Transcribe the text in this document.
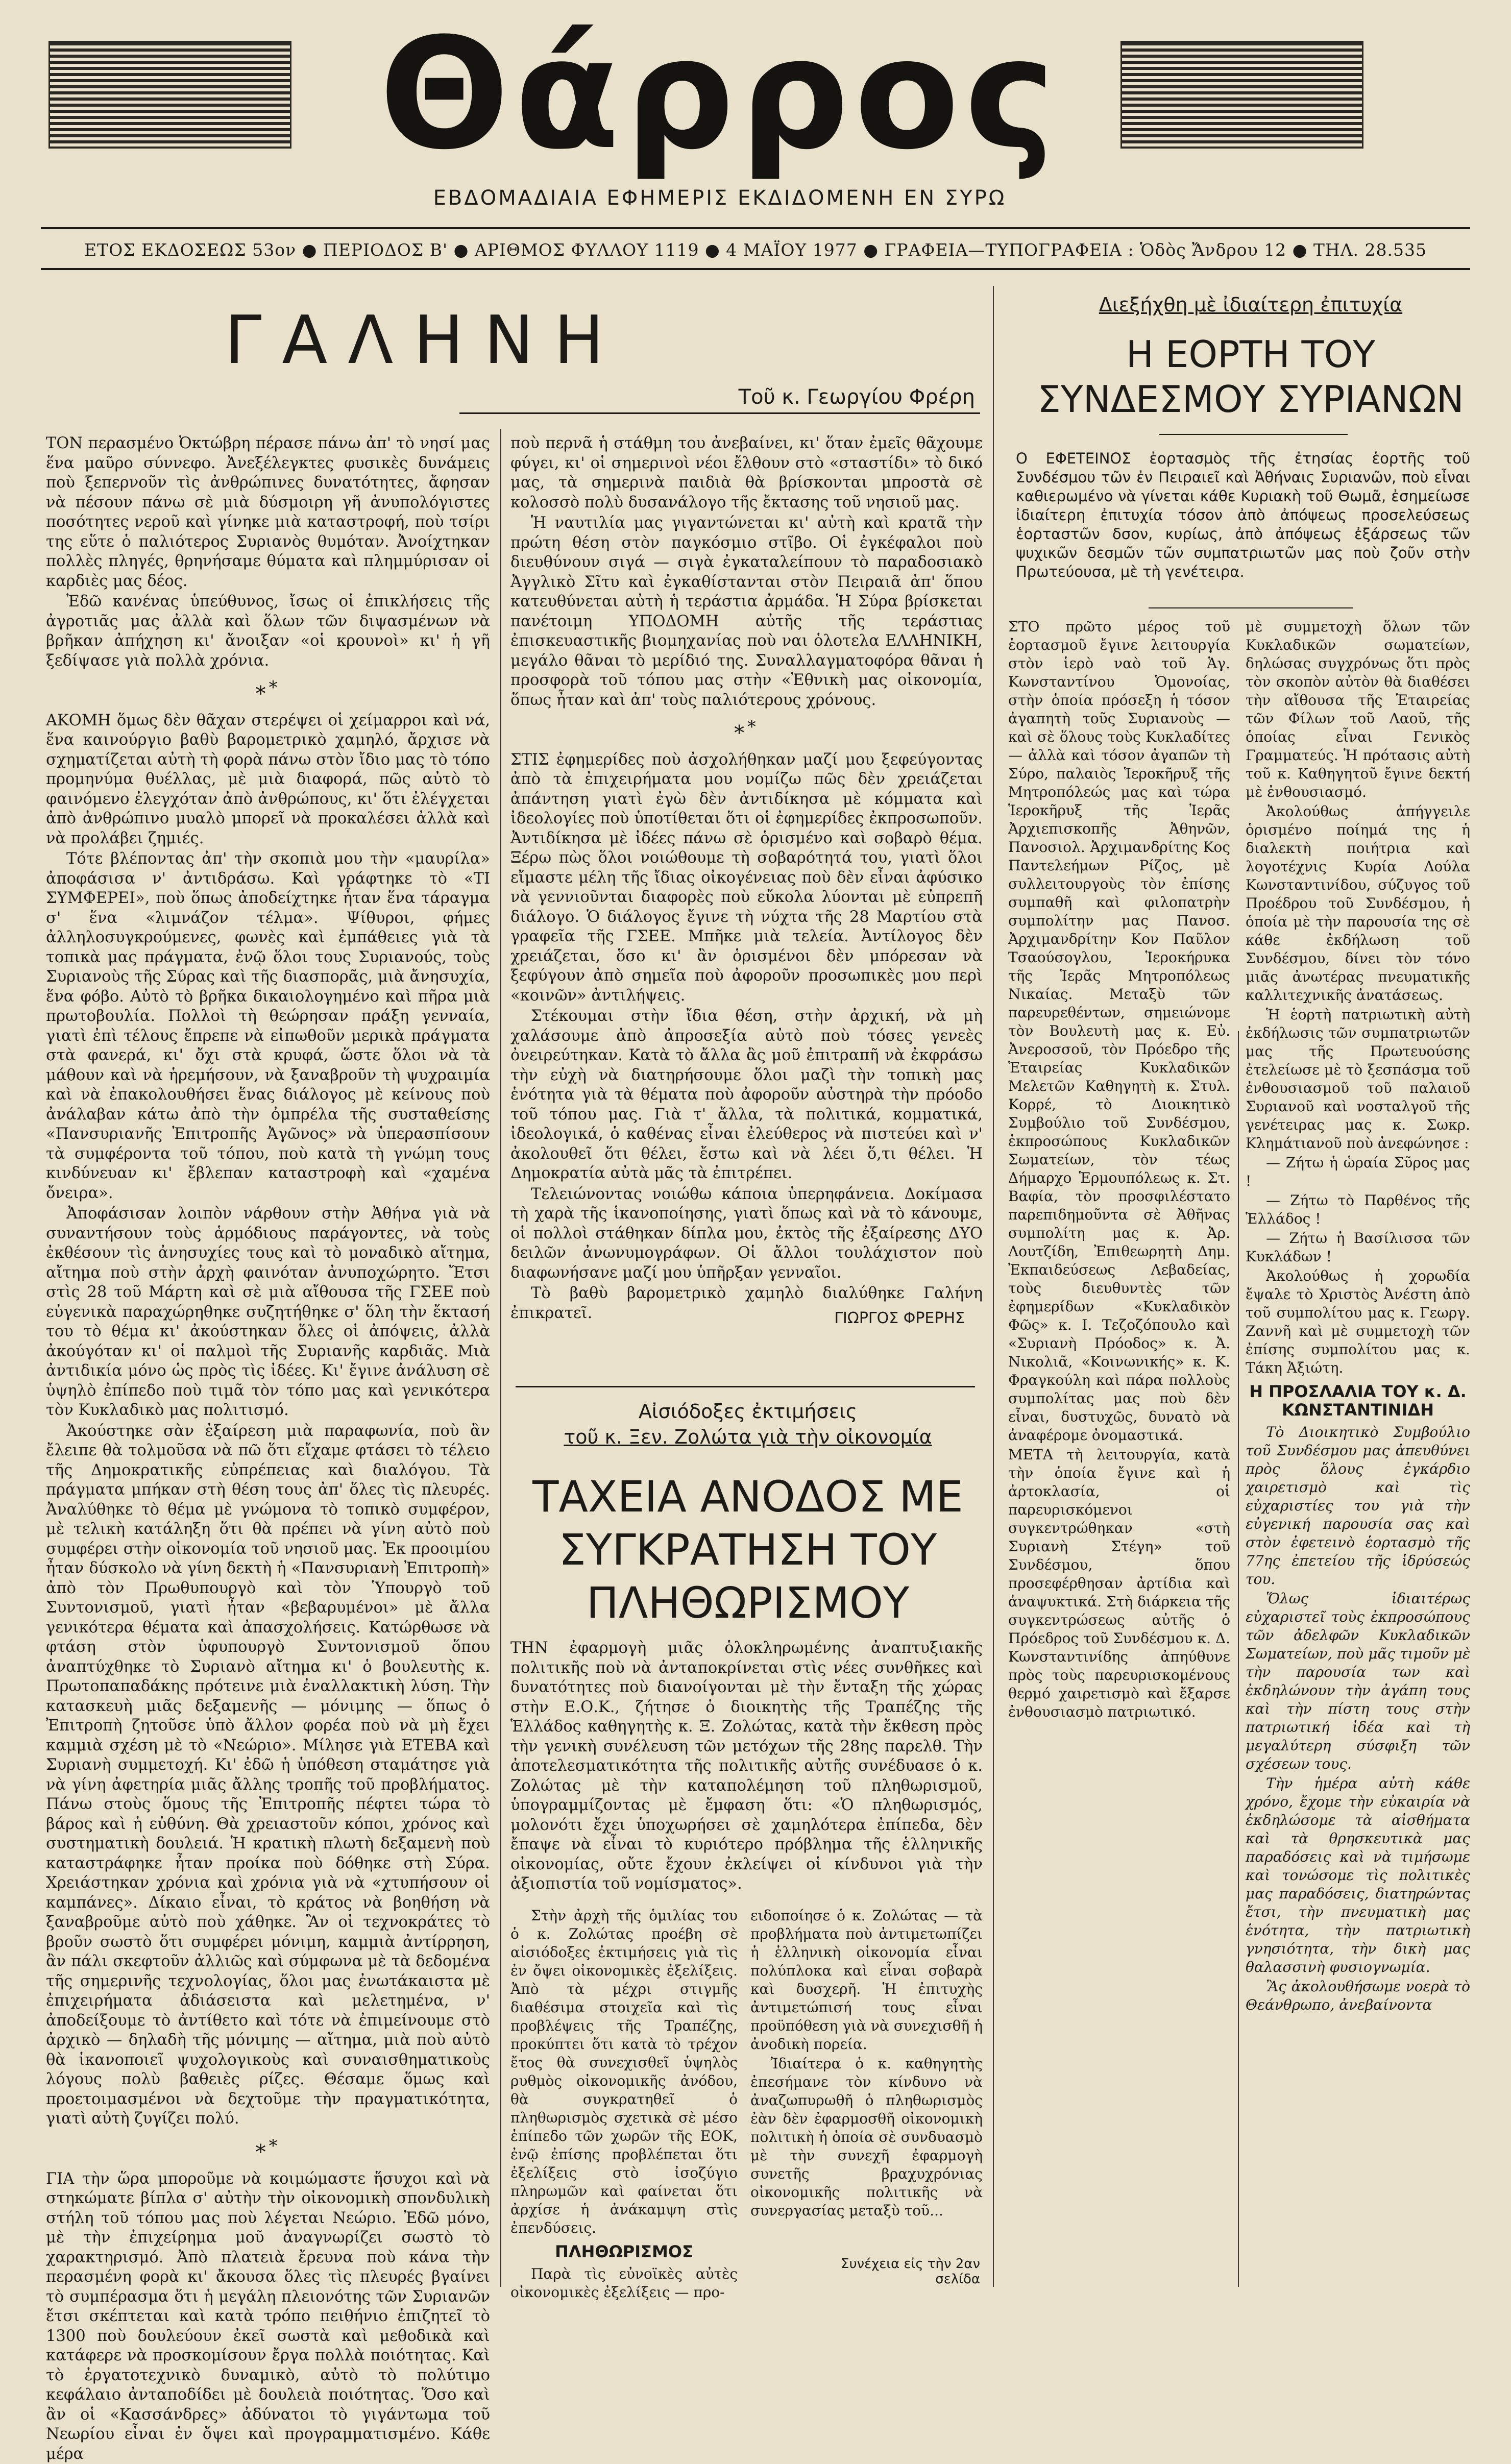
Θάρρος
ΕΒΔΟΜΑΔΙΑΙΑ ΕΦΗΜΕΡΙΣ ΕΚΔΙΔΟΜΕΝΗ ΕΝ ΣΥΡΩ
ΕΤΟΣ ΕΚΔΟΣΕΩΣ 53ον ● ΠΕΡΙΟΔΟΣ Β' ● ΑΡΙΘΜΟΣ ΦΥΛΛΟΥ 1119 ● 4 ΜΑΪΟΥ 1977 ● ΓΡΑΦΕΙΑ—ΤΥΠΟΓΡΑΦΕΙΑ : Ὁδὸς Ἄνδρου 12 ● ΤΗΛ. 28.535
ΓΑΛΗΝΗ
Τοῦ κ. Γεωργίου Φρέρη

ΤΟΝ περασμένο Ὀκτώβρη πέρασε πάνω ἀπ' τὸ νησί μας ἕνα μαῦρο σύννεφο. Ἀνεξέλεγκτες φυσικὲς δυνάμεις ποὺ ξεπερνοῦν τὶς ἀνθρώπινες δυνατότητες, ἄφησαν νὰ πέσουν πάνω σὲ μιὰ δύσμοιρη γῆ ἀνυπολόγιστες ποσότητες νεροῦ καὶ γίνηκε μιὰ καταστροφή, ποὺ τσίρι της εὕτε ὁ παλιότερος Συριανὸς θυμόταν. Ἀνοίχτηκαν πολλὲς πληγές, θρηνήσαμε θύματα καὶ πλημμύρισαν οἱ καρδιὲς μας δέος.

Ἐδῶ κανένας ὑπεύθυνος, ἴσως οἱ ἐπικλήσεις τῆς ἀγροτιᾶς μας ἀλλὰ καὶ ὅλων τῶν διψασμένων νὰ βρῆκαν ἀπήχηση κι' ἄνοιξαν «οἱ κρουνοὶ» κι' ἡ γῆ ξεδίψασε γιὰ πολλὰ χρόνια.

**

ΑΚΟΜΗ ὅμως δὲν θᾶχαν στερέψει οἱ χείμαρροι καὶ νά, ἕνα καινούργιο βαθὺ βαρομετρικὸ χαμηλό, ἄρχισε νὰ σχηματίζεται αὐτὴ τὴ φορὰ πάνω στὸν ἴδιο μας τὸ τόπο προμηνύμα θυέλλας, μὲ μιὰ διαφορά, πῶς αὐτὸ τὸ φαινόμενο ἐλεγχόταν ἀπὸ ἀνθρώπους, κι' ὅτι ἐλέγχεται ἀπὸ ἀνθρώπινο μυαλὸ μπορεῖ νὰ προκαλέσει ἀλλὰ καὶ νὰ προλάβει ζημιές.

Τότε βλέποντας ἀπ' τὴν σκοπιὰ μου τὴν «μαυρίλα» ἀποφάσισα ν' ἀντιδράσω. Καὶ γράφτηκε τὸ «ΤΙ ΣΥΜΦΕΡΕΙ», ποὺ ὅπως ἀποδείχτηκε ἦταν ἕνα τάραγμα σ' ἕνα «λιμνάζον τέλμα». Ψίθυροι, φήμες ἀλληλοσυγκρούμενες, φωνὲς καὶ ἐμπάθειες γιὰ τὰ τοπικὰ μας πράγματα, ἐνῷ ὅλοι τους Συριανούς, τοὺς Συριανοὺς τῆς Σύρας καὶ τῆς διασπορᾶς, μιὰ ἄνησυχία, ἕνα φόβο. Αὐτὸ τὸ βρῆκα δικαιολογημένο καὶ πῆρα μιὰ πρωτοβουλία. Πολλοὶ τὴ θεώρησαν πράξη γενναία, γιατὶ ἐπὶ τέλους ἔπρεπε νὰ εἰπωθοῦν μερικὰ πράγματα στὰ φανερά, κι' ὄχι στὰ κρυφά, ὥστε ὅλοι νὰ τὰ μάθουν καὶ νὰ ἡρεμήσουν, νὰ ξαναβροῦν τὴ ψυχραιμία καὶ νὰ ἐπακολουθήσει ἕνας διάλογος μὲ κείνους ποὺ ἀνάλαβαν κάτω ἀπὸ τὴν ὀμπρέλα τῆς συσταθείσης «Πανσυριανῆς Ἐπιτροπῆς Ἀγῶνος» νὰ ὑπερασπίσουν τὰ συμφέροντα τοῦ τόπου, ποὺ κατὰ τὴ γνώμη τους κινδύνευαν κι' ἔβλεπαν καταστροφὴ καὶ «χαμένα ὄνειρα».

Ἀποφάσισαν λοιπὸν νάρθουν στὴν Ἀθήνα γιὰ νὰ συναντήσουν τοὺς ἁρμόδιους παράγοντες, νὰ τοὺς ἐκθέσουν τὶς ἀνησυχίες τους καὶ τὸ μοναδικὸ αἴτημα, αἴτημα ποὺ στὴν ἀρχὴ φαινόταν ἀνυποχώρητο. Ἔτσι στὶς 28 τοῦ Μάρτη καὶ σὲ μιὰ αἴθουσα τῆς ΓΣΕΕ ποὺ εὐγενικὰ παραχώρηθηκε συζητήθηκε σ' ὅλη τὴν ἔκτασή του τὸ θέμα κι' ἀκούστηκαν ὅλες οἱ ἀπόψεις, ἀλλὰ ἀκούγόταν κι' οἱ παλμοὶ τῆς Συριανῆς καρδιᾶς. Μιὰ ἀντιδικία μόνο ὡς πρὸς τὶς ἰδέες. Κι' ἔγινε ἀνάλυση σὲ ὑψηλὸ ἐπίπεδο ποὺ τιμᾶ τὸν τόπο μας καὶ γενικότερα τὸν Κυκλαδικὸ μας πολιτισμό.

Ἀκούστηκε σὰν ἐξαίρεση μιὰ παραφωνία, ποὺ ἂν ἔλειπε θὰ τολμοῦσα νὰ πῶ ὅτι εἴχαμε φτάσει τὸ τέλειο τῆς Δημοκρατικῆς εὐπρέπειας καὶ διαλόγου. Τὰ πράγματα μπήκαν στὴ θέση τους ἀπ' ὅλες τὶς πλευρές. Ἀναλύθηκε τὸ θέμα μὲ γνώμονα τὸ τοπικὸ συμφέρον, μὲ τελικὴ κατάληξη ὅτι θὰ πρέπει νὰ γίνη αὐτὸ ποὺ συμφέρει στὴν οἰκονομία τοῦ νησιοῦ μας. Ἐκ προοιμίου ἦταν δύσκολο νὰ γίνη δεκτὴ ἡ «Πανσυριανὴ Ἐπιτροπὴ» ἀπὸ τὸν Πρωθυπουργὸ καὶ τὸν Ὑπουργὸ τοῦ Συντονισμοῦ, γιατὶ ἦταν «βεβαρυμένοι» μὲ ἄλλα γενικότερα θέματα καὶ ἀπασχολήσεις. Κατώρθωσε νὰ φτάση στὸν ὑφυπουργὸ Συντονισμοῦ ὅπου ἀναπτύχθηκε τὸ Συριανὸ αἴτημα κι' ὁ βουλευτὴς κ. Πρωτοπαπαδάκης πρότεινε μιὰ ἐναλλακτικὴ λύση. Τὴν κατασκευὴ μιᾶς δεξαμενῆς — μόνιμης — ὅπως ὁ Ἐπιτροπὴ ζητοῦσε ὑπὸ ἄλλον φορέα ποὺ νὰ μὴ ἔχει καμμιὰ σχέση μὲ τὸ «Νεώριο». Μίλησε γιὰ ΕΤΕΒΑ καὶ Συριανὴ συμμετοχή. Κι' ἐδῶ ἡ ὑπόθεση σταμάτησε γιὰ νὰ γίνη ἀφετηρία μιᾶς ἄλλης τροπῆς τοῦ προβλήματος. Πάνω στοὺς ὅμους τῆς Ἐπιτροπῆς πέφτει τώρα τὸ βάρος καὶ ἡ εὐθύνη. Θὰ χρειαστοῦν κόποι, χρόνος καὶ συστηματικὴ δουλειά. Ἡ κρατικὴ πλωτὴ δεξαμενὴ ποὺ καταστράφηκε ἦταν προίκα ποὺ δόθηκε στὴ Σύρα. Χρειάστηκαν χρόνια καὶ χρόνια γιὰ νὰ «χτυπήσουν οἱ καμπάνες». Δίκαιο εἶναι, τὸ κράτος νὰ βοηθήση νὰ ξαναβροῦμε αὐτὸ ποὺ χάθηκε. Ἂν οἱ τεχνοκράτες τὸ βροῦν σωστὸ ὅτι συμφέρει μόνιμη, καμμιὰ ἀντίρρηση, ἂν πάλι σκεφτοῦν ἀλλιῶς καὶ σύμφωνα μὲ τὰ δεδομένα τῆς σημερινῆς τεχνολογίας, ὅλοι μας ἐνωτάκαιστα μὲ ἐπιχειρήματα ἀδιάσειστα καὶ μελετημένα, ν' ἀποδείξουμε τὸ ἀντίθετο καὶ τότε νὰ ἐπιμείνουμε στὸ ἀρχικὸ — δηλαδὴ τῆς μόνιμης — αἴτημα, μιὰ ποὺ αὐτὸ θὰ ἱκανοποιεῖ ψυχολογικοὺς καὶ συναισθηματικοὺς λόγους πολὺ βαθειὲς ρίζες. Θέσαμε ὅμως καὶ προετοιμασμένοι νὰ δεχτοῦμε τὴν πραγματικότητα, γιατὶ αὐτὴ ζυγίζει πολύ.

**

ΓΙΑ τὴν ὥρα μποροῦμε νὰ κοιμώμαστε ἥσυχοι καὶ νὰ στηκώματε βίπλα σ' αὐτὴν τὴν οἰκονομικὴ σπονδυλικὴ στήλη τοῦ τόπου μας ποὺ λέγεται Νεώριο. Ἐδῶ μόνο, μὲ τὴν ἐπιχείρημα μοῦ ἀναγνωρίζει σωστὸ τὸ χαρακτηρισμό. Ἀπὸ πλατειὰ ἔρευνα ποὺ κάνα τὴν περασμένη φορὰ κι' ἄκουσα ὅλες τὶς πλευρές βγαίνει τὸ συμπέρασμα ὅτι ἡ μεγάλη πλειονότης τῶν Συριανῶν ἔτσι σκέπτεται καὶ κατὰ τρόπο πειθήνιο ἐπιζητεῖ τὸ 1300 ποὺ δουλεύουν ἐκεῖ σωστὰ καὶ μεθοδικὰ καὶ κατάφερε νὰ προσκομίσουν ἔργα πολλὰ ποιότητας. Καὶ τὸ ἐργατοτεχνικὸ δυναμικὸ, αὐτὸ τὸ πολύτιμο κεφάλαιο ἀνταποδίδει μὲ δουλειὰ ποιότητας. Ὅσο καὶ ἂν οἱ «Κασσάνδρες» ἀδύνατοι τὸ γιγάντωμα τοῦ Νεωρίου εἶναι ἐν ὄψει καὶ προγραμματισμένο. Κάθε μέρα

ποὺ περνᾶ ἡ στάθμη του ἀνεβαίνει, κι' ὅταν ἐμεῖς θᾶχουμε φύγει, κι' οἱ σημερινοὶ νέοι ἔλθουν στὸ «σταστίδι» τὸ δικό μας, τὰ σημερινὰ παιδιὰ θὰ βρίσκονται μπροστὰ σὲ κολοσσὸ πολὺ δυσανάλογο τῆς ἔκτασης τοῦ νησιοῦ μας.

Ἡ ναυτιλία μας γιγαντώνεται κι' αὐτὴ καὶ κρατᾶ τὴν πρώτη θέση στὸν παγκόσμιο στῖβο. Οἱ ἐγκέφαλοι ποὺ διευθύνουν σιγά — σιγὰ ἐγκαταλείπουν τὸ παραδοσιακὸ Ἀγγλικὸ Σῖτυ καὶ ἐγκαθίστανται στὸν Πειραιᾶ ἀπ' ὅπου κατευθύνεται αὐτὴ ἡ τεράστια ἀρμάδα. Ἡ Σύρα βρίσκεται πανέτοιμη ΥΠΟΔΟΜΗ αὐτῆς τῆς τεράστιας ἐπισκευαστικῆς βιομηχανίας ποὺ ναι ὁλοτελα ΕΛΛΗΝΙΚΗ, μεγάλο θᾶναι τὸ μερίδιό της. Συναλλαγματοφόρα θᾶναι ἡ προσφορὰ τοῦ τόπου μας στὴν «Ἐθνικὴ μας οἰκονομία, ὅπως ἦταν καὶ ἀπ' τοὺς παλιότερους χρόνους.

**

ΣΤΙΣ ἐφημερίδες ποὺ ἀσχολήθηκαν μαζί μου ξεφεύγοντας ἀπὸ τὰ ἐπιχειρήματα μου νομίζω πῶς δὲν χρειάζεται ἀπάντηση γιατὶ ἐγὼ δὲν ἀντιδίκησα μὲ κόμματα καὶ ἰδεολογίες ποὺ ὑποτίθεται ὅτι οἱ ἐφημερίδες ἐκπροσωποῦν. Ἀντιδίκησα μὲ ἰδέες πάνω σὲ ὁρισμένο καὶ σοβαρὸ θέμα. Ξέρω πὼς ὅλοι νοιώθουμε τὴ σοβαρότητά του, γιατὶ ὅλοι εἴμαστε μέλη τῆς ἴδιας οἰκογένειας ποὺ δὲν εἶναι ἀφύσικο νὰ γεννιοῦνται διαφορὲς ποὺ εὔκολα λύονται μὲ εὐπρεπῆ διάλογο. Ὁ διάλογος ἔγινε τὴ νύχτα τῆς 28 Μαρτίου στὰ γραφεῖα τῆς ΓΣΕΕ. Μπῆκε μιὰ τελεία. Ἀντίλογος δὲν χρειάζεται, ὅσο κι' ἂν ὁρισμένοι δὲν μπόρεσαν νὰ ξεφύγουν ἀπὸ σημεῖα ποὺ ἀφοροῦν προσωπικὲς μου περὶ «κοινῶν» ἀντιλήψεις.

Στέκουμαι στὴν ἴδια θέση, στὴν ἀρχική, νὰ μὴ χαλάσουμε ἀπὸ ἀπροσεξία αὐτὸ ποὺ τόσες γενεὲς ὀνειρεύτηκαν. Κατὰ τὸ ἄλλα ἂς μοῦ ἐπιτραπῆ νὰ ἐκφράσω τὴν εὐχὴ νὰ διατηρήσουμε ὅλοι μαζὶ τὴν τοπικὴ μας ἑνότητα γιὰ τὰ θέματα ποὺ ἀφοροῦν αὐστηρὰ τὴν πρόοδο τοῦ τόπου μας. Γιὰ τ' ἄλλα, τὰ πολιτικά, κομματικά, ἰδεολογικά, ὁ καθένας εἶναι ἐλεύθερος νὰ πιστεύει καὶ ν' ἀκολουθεῖ ὅτι θέλει, ἔστω καὶ νὰ λέει ὅ,τι θέλει. Ἡ Δημοκρατία αὐτὰ μᾶς τὰ ἐπιτρέπει.

Τελειώνοντας νοιώθω κάποια ὑπερηφάνεια. Δοκίμασα τὴ χαρὰ τῆς ἱκανοποίησης, γιατὶ ὅπως καὶ νὰ τὸ κάνουμε, οἱ πολλοὶ στάθηκαν δίπλα μου, ἐκτὸς τῆς ἐξαίρεσης ΔΥΟ δειλῶν ἀνωνυμογράφων. Οἱ ἄλλοι τουλάχιστον ποὺ διαφωνήσανε μαζί μου ὑπῆρξαν γενναῖοι.

Τὸ βαθὺ βαρομετρικὸ χαμηλὸ διαλύθηκε Γαλήνη ἐπικρατεῖ.	ΓΙΩΡΓΟΣ ΦΡΕΡΗΣ
Αἰσιόδοξες ἐκτιμήσεις
τοῦ κ. Ξεν. Ζολώτα γιὰ τὴν οἰκονομία
ΤΑΧΕΙΑ ΑΝΟΔΟΣ ΜΕ ΣΥΓΚΡΑΤΗΣΗ ΤΟΥ ΠΛΗΘΩΡΙΣΜΟΥ

ΤΗΝ ἐφαρμογὴ μιᾶς ὁλοκληρωμένης ἀναπτυξιακῆς πολιτικῆς ποὺ νὰ ἀνταποκρίνεται στὶς νέες συνθῆκες καὶ δυνατότητες ποὺ διανοίγονται μὲ τὴν ἔνταξη τῆς χώρας στὴν Ε.Ο.Κ., ζήτησε ὁ διοικητὴς τῆς Τραπέζης τῆς Ἑλλάδος καθηγητὴς κ. Ξ. Ζολώτας, κατὰ τὴν ἔκθεση πρὸς τὴν γενικὴ συνέλευση τῶν μετόχων τῆς 28ης παρελθ. Τὴν ἀποτελεσματικότητα τῆς πολιτικῆς αὐτῆς συνέδυασε ὁ κ. Ζολώτας μὲ τὴν καταπολέμηση τοῦ πληθωρισμοῦ, ὑπογραμμίζοντας μὲ ἔμφαση ὅτι: «Ὁ πληθωρισμός, μολονότι ἔχει ὑποχωρήσει σὲ χαμηλότερα ἐπίπεδα, δὲν ἔπαψε νὰ εἶναι τὸ κυριότερο πρόβλημα τῆς ἑλληνικῆς οἰκονομίας, οὔτε ἔχουν ἐκλείψει οἱ κίνδυνοι γιὰ τὴν ἀξιοπιστία τοῦ νομίσματος».

Στὴν ἀρχὴ τῆς ὁμιλίας του ὁ κ. Ζολώτας προέβη σὲ αἰσιόδοξες ἐκτιμήσεις γιὰ τὶς ἐν ὄψει οἰκονομικὲς ἐξελίξεις. Ἀπὸ τὰ μέχρι στιγμῆς διαθέσιμα στοιχεῖα καὶ τὶς προβλέψεις τῆς Τραπέζης, προκύπτει ὅτι κατὰ τὸ τρέχον ἔτος θὰ συνεχισθεῖ ὑψηλὸς ρυθμὸς οἰκονομικῆς ἀνόδου, θὰ συγκρατηθεῖ ὁ πληθωρισμὸς σχετικὰ σὲ μέσο ἐπίπεδο τῶν χωρῶν τῆς ΕΟΚ, ἐνῷ ἐπίσης προβλέπεται ὅτι ἐξελίξεις στὸ ἰσοζύγιο πληρωμῶν καὶ φαίνεται ὅτι ἀρχίσε ἡ ἀνάκαμψη στὶς ἐπενδύσεις.

ΠΛΗΘΩΡΙΣΜΟΣ

Παρὰ τὶς εὐνοϊκὲς αὐτὲς οἰκονομικὲς ἐξελίξεις — προ-

ειδοποίησε ὁ κ. Ζολώτας — τὰ προβλήματα ποὺ ἀντιμετωπίζει ἡ ἑλληνικὴ οἰκονομία εἶναι πολύπλοκα καὶ εἶναι σοβαρὰ καὶ δυσχερῆ. Ἡ ἐπιτυχὴς ἀντιμετώπισή τους εἶναι προϋπόθεση γιὰ νὰ συνεχισθῆ ἡ ἀνοδικὴ πορεία.

Ἰδιαίτερα ὁ κ. καθηγητὴς ἐπεσήμανε τὸν κίνδυνο νὰ ἀναζωπυρωθῆ ὁ πληθωρισμὸς ἐὰν δὲν ἐφαρμοσθῆ οἰκονομικὴ πολιτικὴ ἡ ὁποία σὲ συνδυασμὸ μὲ τὴν συνεχῆ ἐφαρμογὴ συνετῆς βραχυχρόνιας οἰκονομικῆς πολιτικῆς νὰ συνεργασίας μεταξὺ τοῦ...

Συνέχεια εἰς τὴν 2αν σελίδα
Διεξήχθη μὲ ἰδιαίτερη ἐπιτυχία
Η ΕΟΡΤΗ ΤΟΥ ΣΥΝΔΕΣΜΟΥ ΣΥΡΙΑΝΩΝ

Ο ΕΦΕΤΕΙΝΟΣ ἑορτασμὸς τῆς ἐτησίας ἑορτῆς τοῦ Συνδέσμου τῶν ἐν Πειραιεῖ καὶ Ἀθήναις Συριανῶν, ποὺ εἶναι καθιερωμένο νὰ γίνεται κάθε Κυριακὴ τοῦ Θωμᾶ, ἐσημείωσε ἰδιαίτερη ἐπιτυχία τόσον ἀπὸ ἀπόψεως προσελεύσεως ἑορταστῶν δσον, κυρίως, ἀπὸ ἀπόψεως ἐξάρσεως τῶν ψυχικῶν δεσμῶν τῶν συμπατριωτῶν μας ποὺ ζοῦν στὴν Πρωτεύουσα, μὲ τὴ γενέτειρα.

ΣΤΟ πρῶτο μέρος τοῦ ἑορτασμοῦ ἔγινε λειτουργία στὸν ἱερὸ ναὸ τοῦ Ἁγ. Κωνσταντίνου Ὁμονοίας, στὴν ὁποία πρόσεξη ἡ τόσον ἀγαπητὴ τοῦς Συριανοὺς — καὶ σὲ ὅλους τοὺς Κυκλαδίτες — ἀλλὰ καὶ τόσον ἀγαπῶν τὴ Σύρο, παλαιὸς Ἱεροκῆρυξ τῆς Μητροπόλεώς μας καὶ τώρα Ἱεροκῆρυξ τῆς Ἱερᾶς Ἀρχιεπισκοπῆς Ἀθηνῶν, Πανοσιολ. Ἀρχιμανδρίτης Κος Παντελεήμων Ρίζος, μὲ συλλειτουργοὺς τὸν ἐπίσης συμπαθῆ καὶ φιλοπατρὴν συμπολίτην μας Πανοσ. Ἀρχιμανδρίτην Κον Παῦλον Τσαούσογλου, Ἱεροκήρυκα τῆς Ἱερᾶς Μητροπόλεως Νικαίας. Μεταξὺ τῶν παρευρεθέντων, σημειώνομε τὸν Βουλευτὴ μας κ. Εὐ. Ἀνεροσσοῦ, τὸν Πρόεδρο τῆς Ἑταιρείας Κυκλαδικῶν Μελετῶν Καθηγητὴ κ. Στυλ. Κορρέ, τὸ Διοικητικὸ Συμβούλιο τοῦ Συνδέσμου, ἐκπροσώπους Κυκλαδικῶν Σωματείων, τὸν τέως Δήμαρχο Ἑρμουπόλεως κ. Στ. Βαφία, τὸν προσφιλέστατο παρεπιδημοῦντα σὲ Ἀθῆνας συμπολίτη μας κ. Ἀρ. Λουτζίδη, Ἐπιθεωρητὴ Δημ. Ἐκπαιδεύσεως Λεβαδείας, τοὺς διευθυντὲς τῶν ἐφημερίδων «Κυκλαδικὸν Φῶς» κ. Ι. Τεζοζόπουλο καὶ «Συριανὴ Πρόοδος» κ. Ἀ. Νικολιᾶ, «Κοινωνικής» κ. Κ. Φραγκούλη καὶ πάρα πολλοὺς συμπολίτας μας ποὺ δὲν εἶναι, δυστυχῶς, δυνατὸ νὰ ἀναφέρομε ὀνομαστικά.

ΜΕΤΑ τὴ λειτουργία, κατὰ τὴν ὁποία ἔγινε καὶ ἡ ἀρτοκλασία, οἱ παρευρισκόμενοι συγκεντρώθηκαν «στὴ Συριανὴ Στέγη» τοῦ Συνδέσμου, ὅπου προσεφέρθησαν ἀρτίδια καὶ ἀναψυκτικά. Στὴ διάρκεια τῆς συγκεντρώσεως αὐτῆς ὁ Πρόεδρος τοῦ Συνδέσμου κ. Δ. Κωνσταντινίδης ἀπηύθυνε πρὸς τοὺς παρευρισκομένους θερμό χαιρετισμὸ καὶ ἔξαρσε ἐνθουσιασμὸ πατριωτικό.

μὲ συμμετοχὴ ὅλων τῶν Κυκλαδικῶν σωματείων, δηλώσας συγχρόνως ὅτι πρὸς τὸν σκοπὸν αὐτὸν θὰ διαθέσει τὴν αἴθουσα τῆς Ἑταιρείας τῶν Φίλων τοῦ Λαοῦ, τῆς ὁποίας εἶναι Γενικὸς Γραμματεύς. Ἡ πρότασις αὐτὴ τοῦ κ. Καθηγητοῦ ἔγινε δεκτή μὲ ἐνθουσιασμό.

Ἀκολούθως ἀπήγγειλε ὁρισμένο ποίημά της ἡ διαλεκτὴ ποιήτρια καὶ λογοτέχνις Κυρία Λούλα Κωνσταντινίδου, σύζυγος τοῦ Προέδρου τοῦ Συνδέσμου, ἡ ὁποία μὲ τὴν παρουσία της σὲ κάθε ἐκδήλωση τοῦ Συνδέσμου, δίνει τὸν τόνο μιᾶς ἀνωτέρας πνευματικῆς καλλιτεχνικῆς ἀνατάσεως.

Ἡ ἑορτὴ πατριωτικὴ αὐτὴ ἐκδήλωσις τῶν συμπατριωτῶν μας τῆς Πρωτευούσης ἐτελείωσε μὲ τὸ ξεσπάσμα τοῦ ἐνθουσιασμοῦ τοῦ παλαιοῦ Συριανοῦ καὶ νοσταλγοῦ τῆς γενέτειρας μας κ. Σωκρ. Κλημάτιανοῦ ποὺ ἀνεφώνησε :

— Ζήτω ἡ ὡραία Σῦρος μας !

— Ζήτω τὸ Παρθένος τῆς Ἑλλάδος !

— Ζήτω ἡ Βασίλισσα τῶν Κυκλάδων !

Ἀκολούθως ἡ χορωδία ἔψαλε τὸ Χριστὸς Ἀνέστη ἀπὸ τοῦ συμπολίτου μας κ. Γεωργ. Ζαννῆ καὶ μὲ συμμετοχὴ τῶν ἐπίσης συμπολίτου μας κ. Τάκη Ἀξιώτη.

Η ΠΡΟΣΛΑΛΙΑ ΤΟΥ κ. Δ. ΚΩΝΣΤΑΝΤΙΝΙΔΗ

Τὸ Διοικητικὸ Συμβούλιο τοῦ Συνδέσμου μας ἀπευθύνει πρὸς ὅλους ἐγκάρδιο χαιρετισμὸ καὶ τὶς εὐχαριστίες του γιὰ τὴν εὐγενική παρουσία σας καὶ στὸν ἐφετεινὸ ἑορτασμὸ τῆς 77ης ἐπετείου τῆς ἱδρύσεώς του.

Ὅλως ἰδιαιτέρως εὐχαριστεῖ τοὺς ἐκπροσώπους τῶν ἀδελφῶν Κυκλαδικῶν Σωματείων, ποὺ μᾶς τιμοῦν μὲ τὴν παρουσία των καὶ ἐκδηλώνουν τὴν ἀγάπη τους καὶ τὴν πίστη τους στὴν πατριωτική ἰδέα καὶ τὴ μεγαλύτερη σύσφιξη τῶν σχέσεων τους.

Τὴν ἡμέρα αὐτὴ κάθε χρόνο, ἔχομε τὴν εὐκαιρία νὰ ἐκδηλώσομε τὰ αἰσθήματα καὶ τὰ θρησκευτικὰ μας παραδόσεις καὶ νὰ τιμήσωμε καὶ τονώσομε τὶς πολιτικὲς μας παραδόσεις, διατηρώντας ἔτσι, τὴν πνευματικὴ μας ἑνότητα, τὴν πατριωτικὴ γνησιότητα, τὴν δικὴ μας θαλασσινὴ φυσιογνωμία.

Ἂς ἀκολουθήσωμε νοερὰ τὸ Θεάνθρωπο, ἀνεβαίνοντα
